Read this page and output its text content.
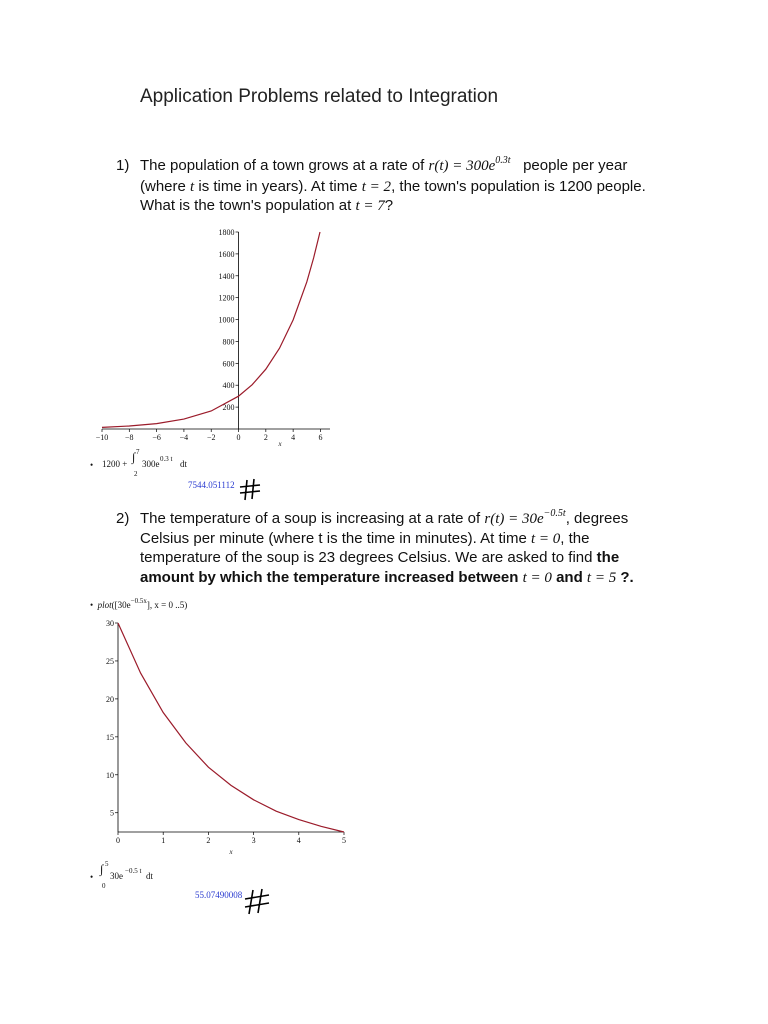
Application Problems related to Integration
1) The population of a town grows at a rate of $r(t) = 300e^{0.3t}$ people per year
(where t is time in years). At time t = 2, the town's population is 1200 people.
What is the town's population at t = 7?
−10 −8 −6 −4 −2	0	2	4	6
200
400
600
800
1000
1200
1400
1600
1800
x
• 1200 + ∫ 7
2
300e 0.3 t dt
7544.051112
2) The temperature of a soup is increasing at a rate of $r(t) = 30e^{-0.5t}$, degrees
Celsius per minute (where t is the time in minutes). At time t = 0, the
temperature of the soup is 23 degrees Celsius. We are asked to find the
amount by which the temperature increased between t = 0 and t = 5 ?.
• $plot([30e^{-0.5x}]$, x = 0 ..5)
0	1	2	3	4	5
5
10
15
20
25
30
x
•
∫ 5
0
30e −0.5 t dt
55.07490008
